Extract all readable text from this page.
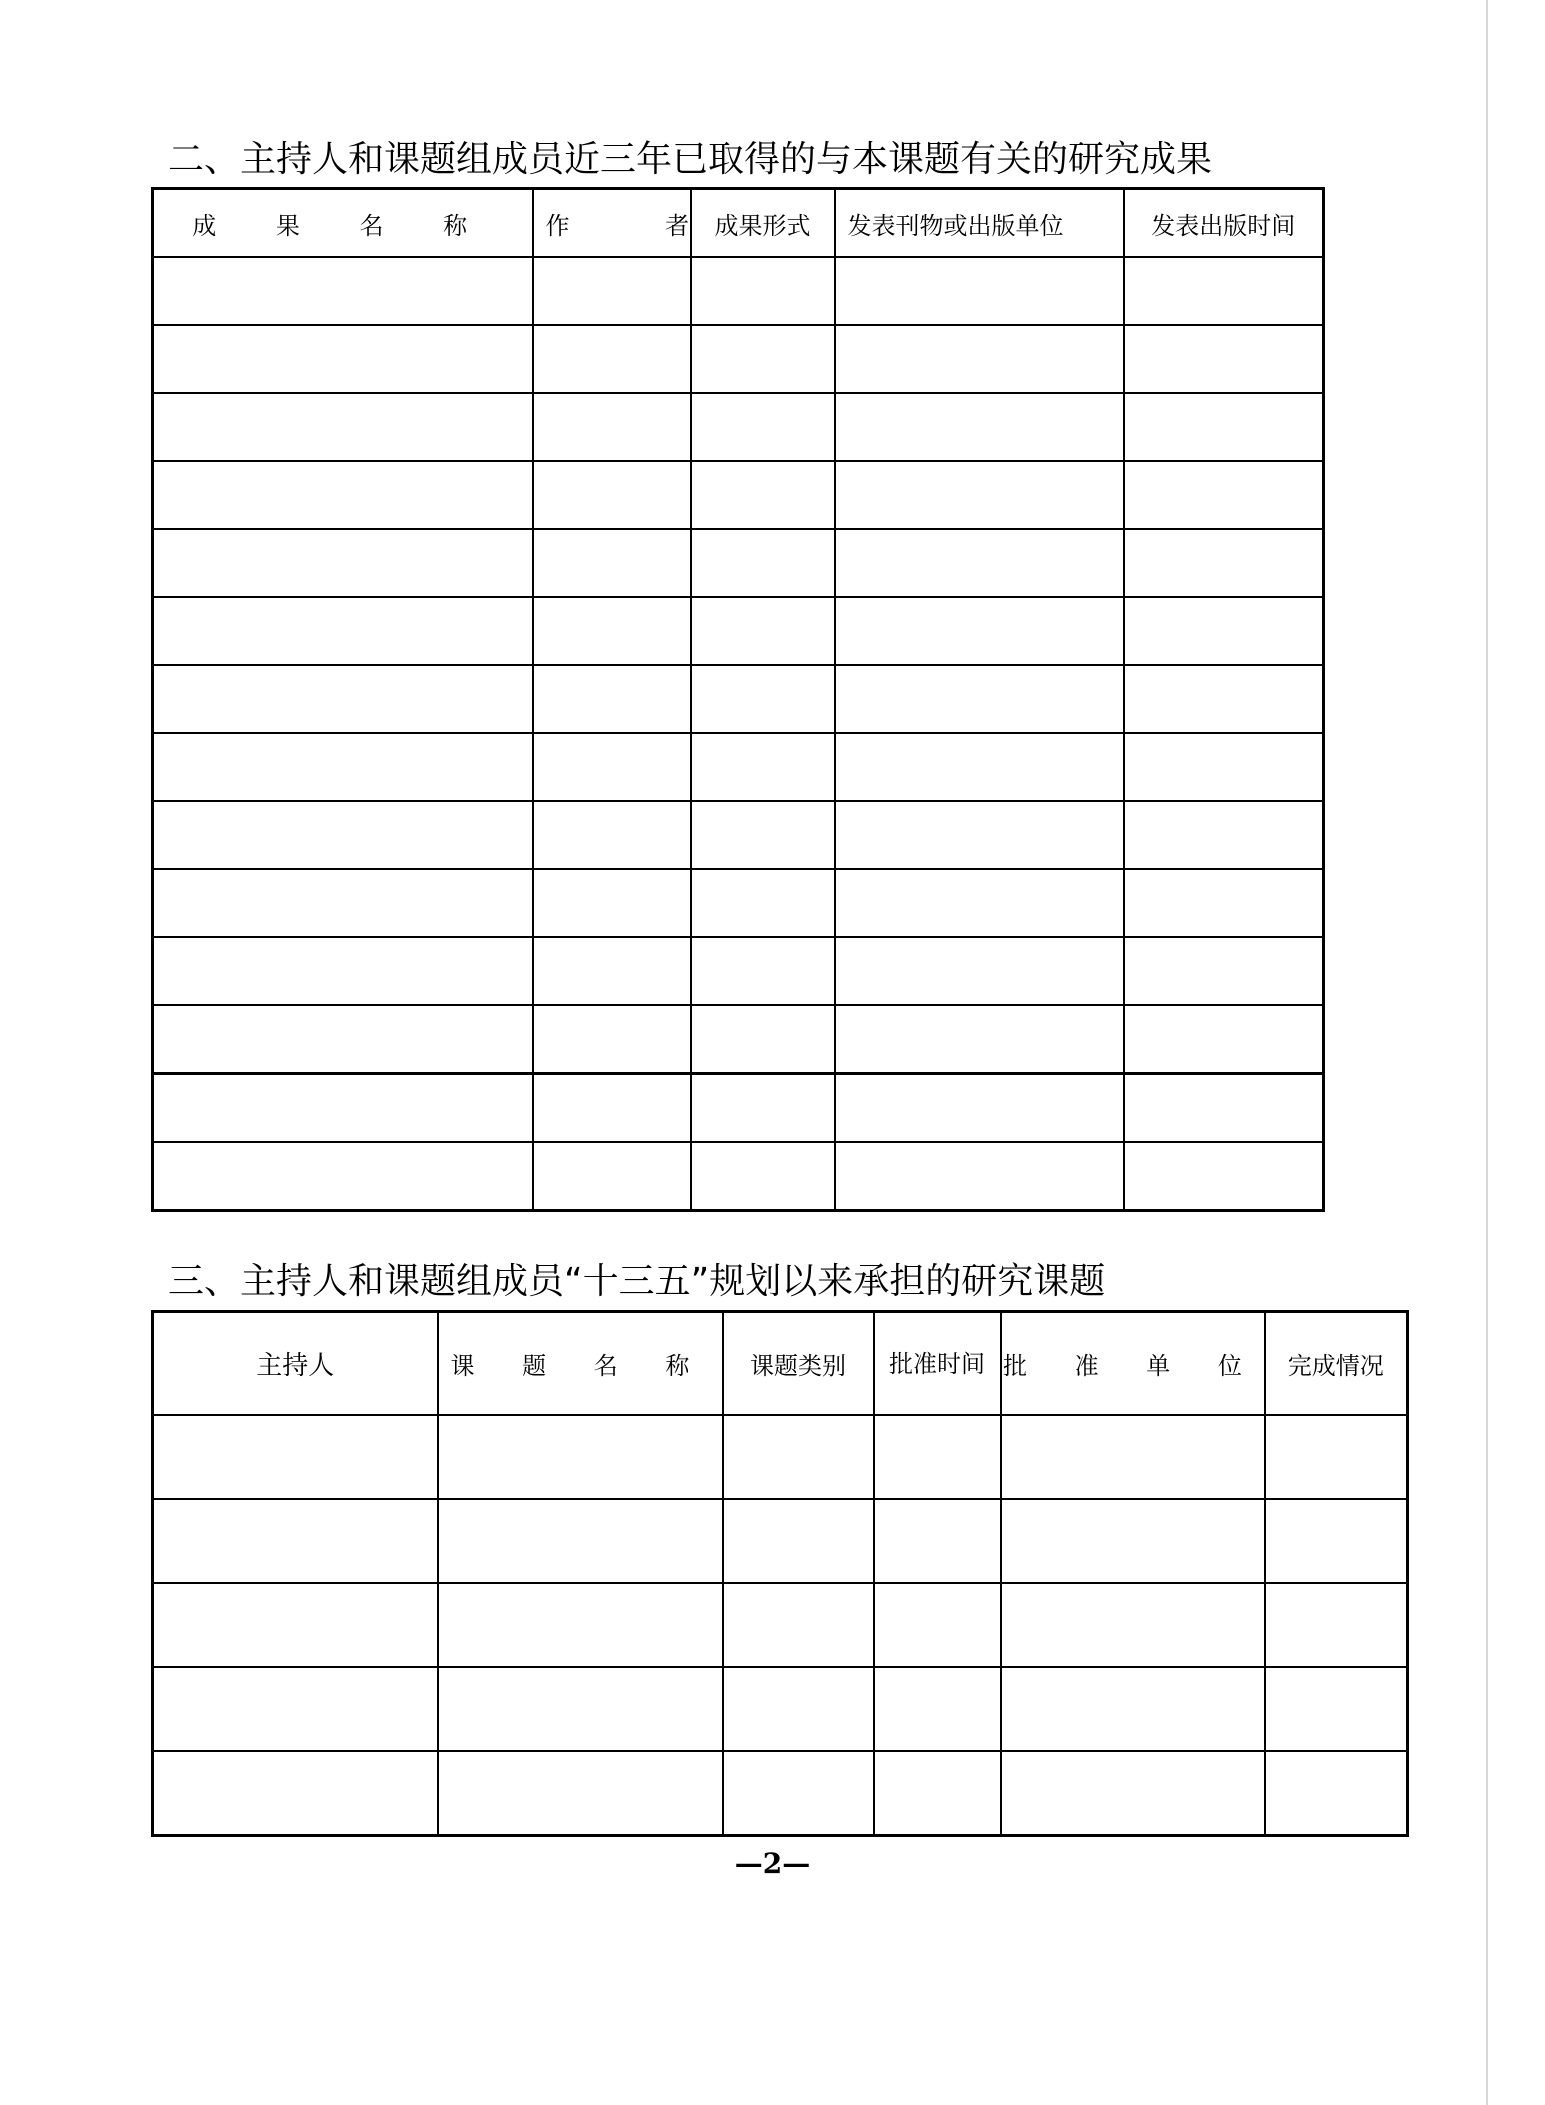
二、主持人和课题组成员近三年已取得的与本课题有关的研究成果
成 果 名 称	作 者	成果形式	发表刊物或出版单位	发表出版时间

三、主持人和课题组成员“十三五”规划以来承担的研究课题
主持人	课 题 名 称	课题类别	批准时间	批 准 单 位	完成情况

—2—
